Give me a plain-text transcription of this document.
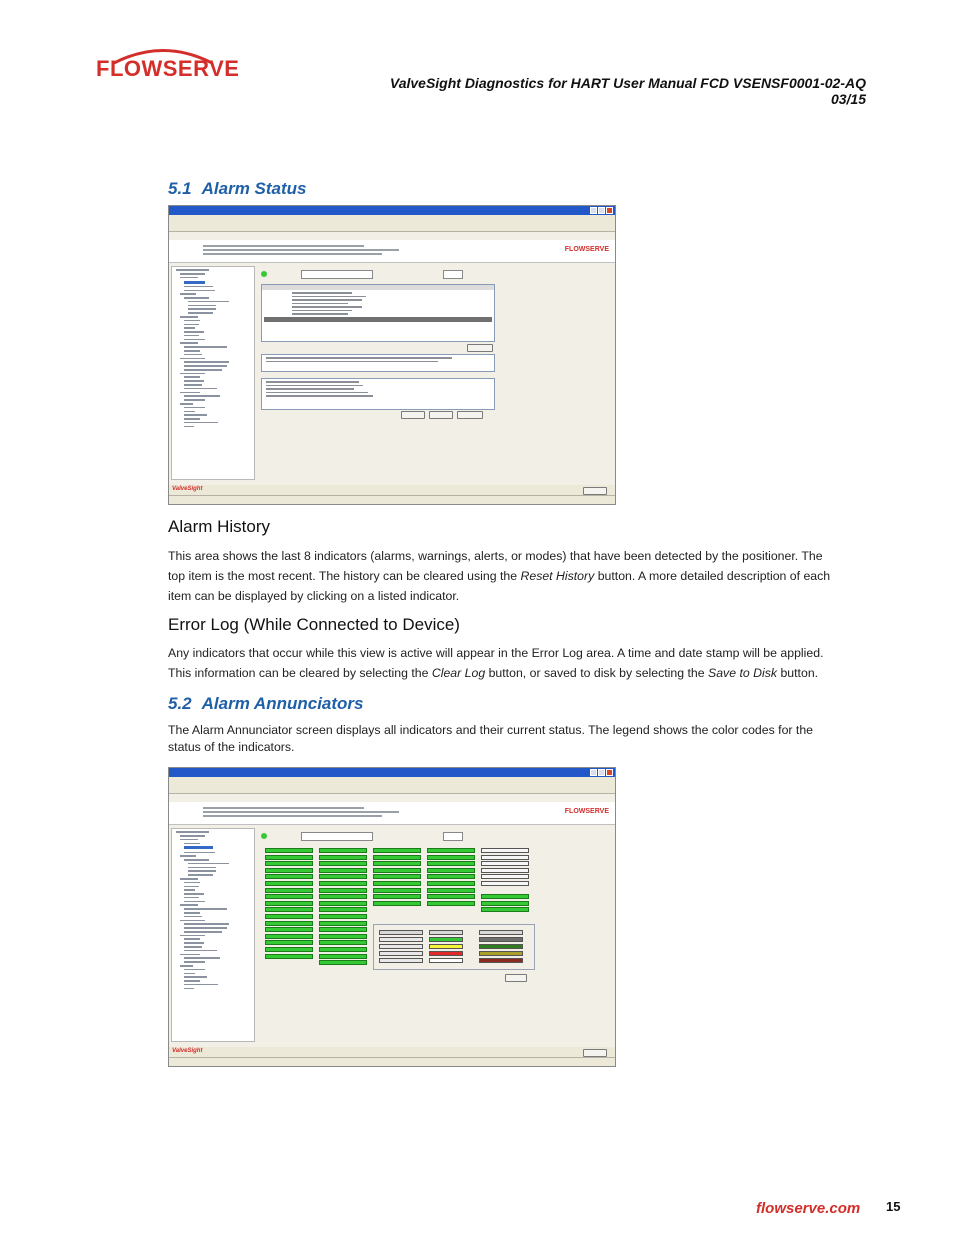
FLOWSERVE
ValveSight Diagnostics for HART User Manual FCD VSENSF0001-02-AQ 03/15
5.1 Alarm Status
FLOWSERVE
ValveSight
Alarm History
This area shows the last 8 indicators (alarms, warnings, alerts, or modes) that have been detected by the positioner. The top item is the most recent. The history can be cleared using the Reset History button. A more detailed description of each item can be displayed by clicking on a listed indicator.
Error Log (While Connected to Device)
Any indicators that occur while this view is active will appear in the Error Log area. A time and date stamp will be applied. This information can be cleared by selecting the Clear Log button, or saved to disk by selecting the Save to Disk button.
5.2 Alarm Annunciators
The Alarm Annunciator screen displays all indicators and their current status. The legend shows the color codes for the status of the indicators.
FLOWSERVE
ValveSight
flowserve.com 15
